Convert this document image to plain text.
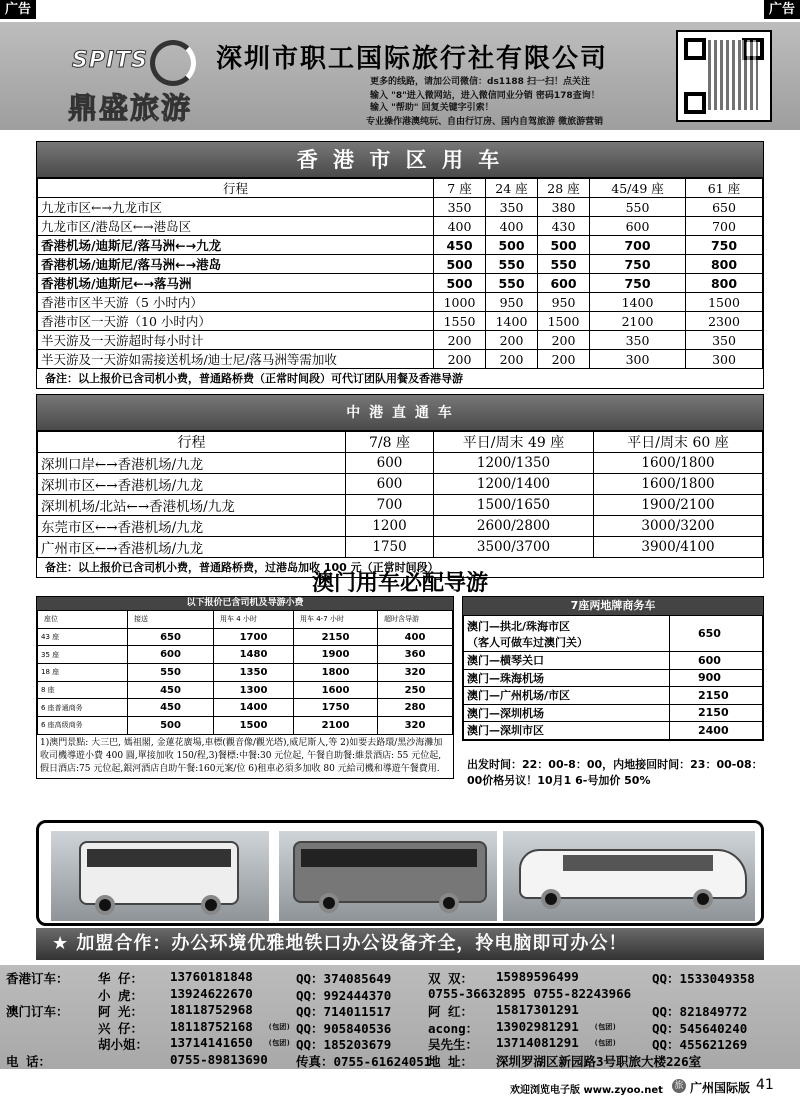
广告	广告
SPITS
鼎盛旅游
深圳市职工国际旅行社有限公司
更多的线路，请加公司微信：ds1188 扫一扫！点关注
输入 "8"进入微网站，进入微信同业分销 密码178查询！
输入 "帮助" 回复关键字引索！
专业操作港澳纯玩、自由行订房、国内自驾旅游 微旅游营销
香 港 市 区 用 车
行程	7 座	24 座	28 座	45/49 座	61 座
九龙市区←→九龙市区	350	350	380	550	650
九龙市区/港岛区←→港岛区	400	400	430	600	700
香港机场/迪斯尼/落马洲←→九龙	450	500	500	700	750
香港机场/迪斯尼/落马洲←→港岛	500	550	550	750	800
香港机场/迪斯尼←→落马洲	500	550	600	750	800
香港市区半天游（5 小时内）	1000	950	950	1400	1500
香港市区一天游（10 小时内）	1550	1400	1500	2100	2300
半天游及一天游超时每小时计	200	200	200	350	350
半天游及一天游如需接送机场/迪士尼/落马洲等需加收	200	200	200	300	300
备注：以上报价已含司机小费，普通路桥费（正常时间段）可代订团队用餐及香港导游
中 港 直 通 车
行程	7/8 座	平日/周末 49 座	平日/周末 60 座
深圳口岸←→香港机场/九龙	600	1200/1350	1600/1800
深圳市区←→香港机场/九龙	600	1200/1400	1600/1800
深圳机场/北站←→香港机场/九龙	700	1500/1650	1900/2100
东莞市区←→香港机场/九龙	1200	2600/2800	3000/3200
广州市区←→香港机场/九龙	1750	3500/3700	3900/4100
备注：以上报价已含司机小费，普通路桥费，过港岛加收 100 元（正常时间段）
澳门用车必配导游
以下报价已含司机及导游小费
座位	接送	用车 4 小时	用车 4-7 小时	超时含导游
43 座	650	1700	2150	400
35 座	600	1480	1900	360
18 座	550	1350	1800	320
8 座	450	1300	1600	250
6 座普通商务	450	1400	1750	280
6 座高级商务	500	1500	2100	320
1)澳門景點: 大三巴, 媽祖閣, 金蓮花廣場,車標(觀音像/觀光塔),威尼斯人,等 2)如要去路環/黑沙海灘加收司機導遊小費 400 圓,單接加收 150/程,3)餐標:中餐:30 元位起, 午餐自助餐:維景酒店: 55 元位起,假日酒店:75 元位起,銀河酒店自助午餐:160元案/位 6)租車必須多加收 80 元給司機和導遊午餐費用.
7座两地牌商务车
澳门—拱北/珠海市区
（客人可做车过澳门关）	650
澳门—横琴关口	600
澳门—珠海机场	900
澳门—广州机场/市区	2150
澳门—深圳机场	2150
澳门—深圳市区	2400
出发时间：22：00-8：00，内地接回时间：23：00-08：00价格另议！10月1 6-号加价 50%
★ 加盟合作：办公环境优雅地铁口办公设备齐全，拎电脑即可办公！
香港订车： 华 仔： 13760181848	QQ：374085649	双 双： 15989596499	QQ：1533049358
小 虎： 13924622670	QQ：992444370	0755-36632895 0755-82243966
澳门订车： 阿 光： 18118752968	QQ：714011517	阿 红： 15817301291	QQ：821849772
兴 仔： 18118752168 (包团) QQ：905840536	acong： 13902981291 (包团)	QQ：545640240
胡小姐： 13714141650 (包团) QQ：185203679	吴先生： 13714081291 (包团)	QQ：455621269
电 话：	0755-89813690 传真：0755-61624051
地 址： 深圳罗湖区新园路3号职旅大楼226室
欢迎浏览电子版 www.zyoo.net 旅 广州国际版 41
